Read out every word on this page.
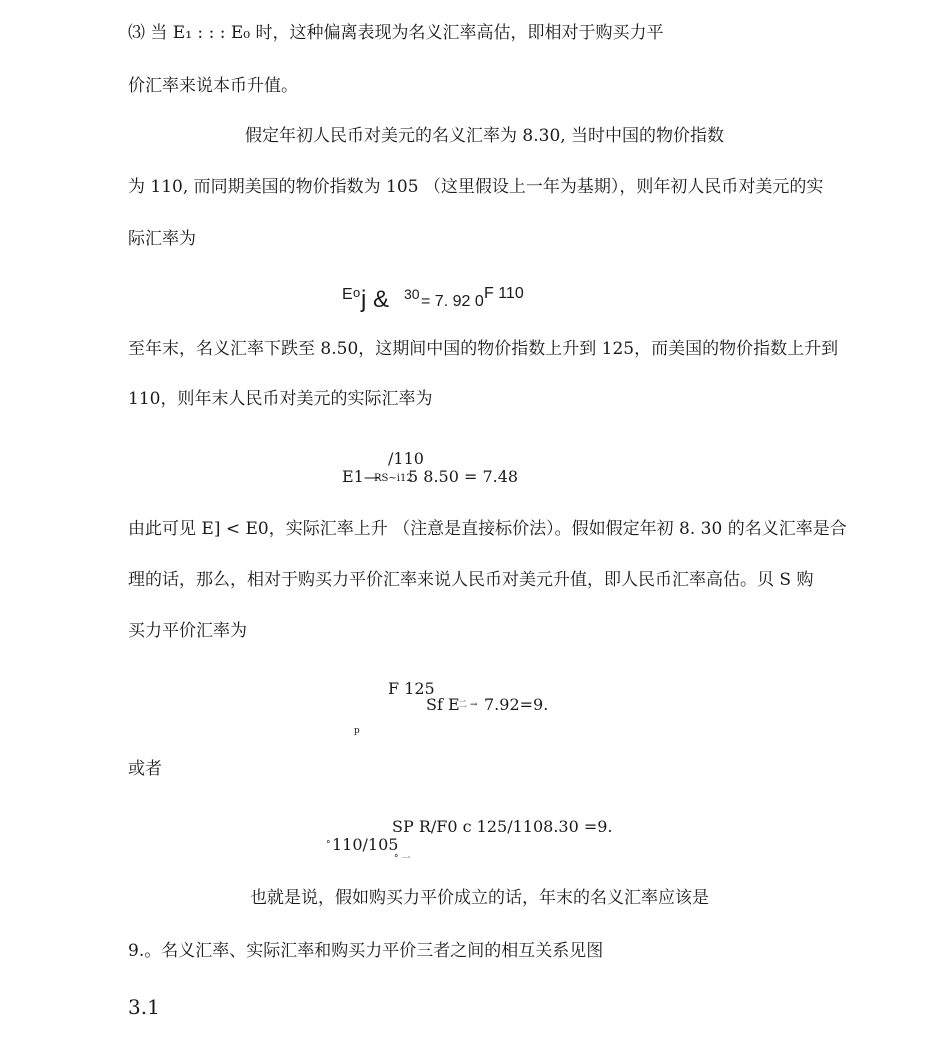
⑶ 当 E₁ : : : E₀ 时，这种偏离表现为名义汇率高估，即相对于购买力平
价汇率来说本币升值。
假定年初人民币对美元的名义汇率为 8.30, 当时中国的物价指数
为 110, 而同期美国的物价指数为 105 （这里假设上一年为基期），则年初人民币对美元的实
际汇率为
E o j & 30 = 7. 92 0 F 110
至年末，名义汇率下跌至 8.50，这期间中国的物价指数上升到 125，而美国的物价指数上升到
110，则年末人民币对美元的实际汇率为
/110
E1—
RS~i12
5 8.50 = 7.48
由此可见 E] < E0，实际汇率上升 （注意是直接标价法）。假如假定年初 8. 30 的名义汇率是合
理的话，那么，相对于购买力平价汇率来说人民币对美元升值，即人民币汇率高估。贝 S 购
买力平价汇率为
F 125
Sf E
二 → 7.92=9.
p
或者
SP R/F0 c 125/1108.30 =9.
° 110/105
° 一
也就是说，假如购买力平价成立的话，年末的名义汇率应该是
9.。名义汇率、实际汇率和购买力平价三者之间的相互关系见图
3.1
